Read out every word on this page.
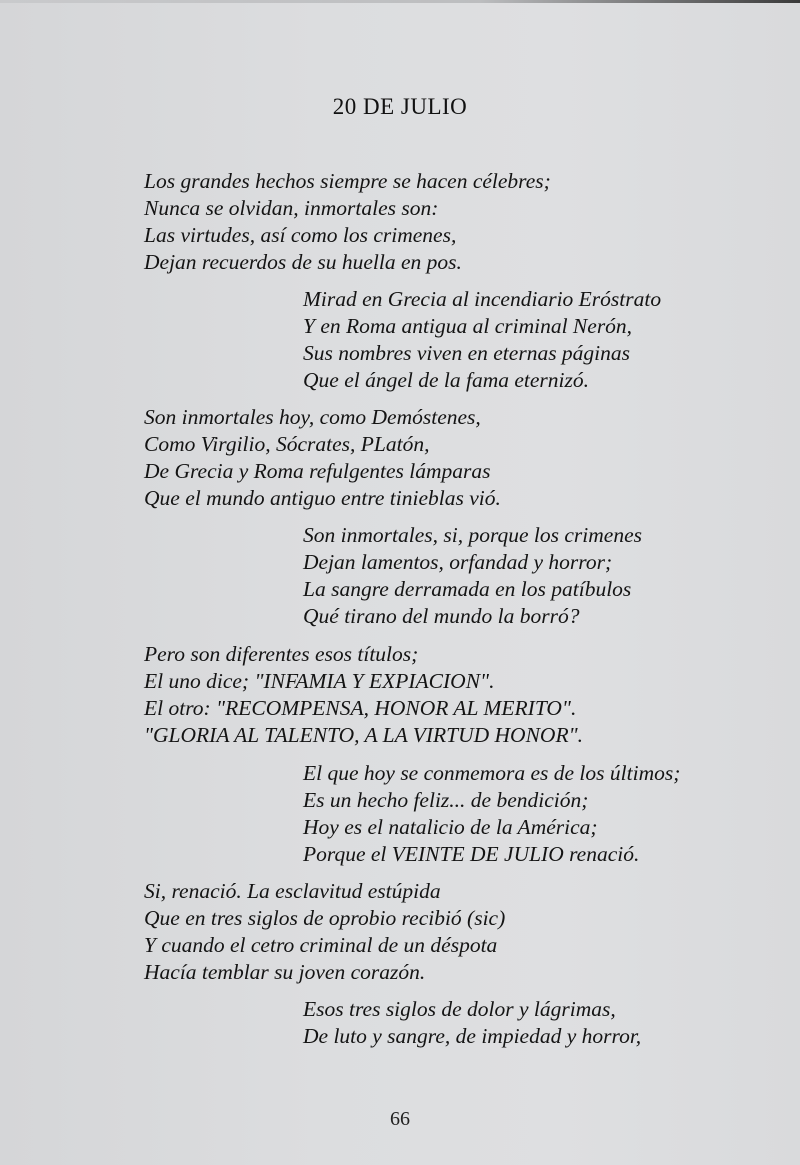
20 DE JULIO
Los grandes hechos siempre se hacen célebres;
Nunca se olvidan, inmortales son:
Las virtudes, así como los crimenes,
Dejan recuerdos de su huella en pos.
Mirad en Grecia al incendiario Eróstrato
Y en Roma antigua al criminal Nerón,
Sus nombres viven en eternas páginas
Que el ángel de la fama eternizó.
Son inmortales hoy, como Demóstenes,
Como Virgilio, Sócrates, PLatón,
De Grecia y Roma refulgentes lámparas
Que el mundo antiguo entre tinieblas vió.
Son inmortales, si, porque los crimenes
Dejan lamentos, orfandad y horror;
La sangre derramada en los patíbulos
Qué tirano del mundo la borró?
Pero son diferentes esos títulos;
El uno dice; "INFAMIA Y EXPIACION".
El otro: "RECOMPENSA, HONOR AL MERITO".
"GLORIA AL TALENTO, A LA VIRTUD HONOR".
El que hoy se conmemora es de los últimos;
Es un hecho feliz... de bendición;
Hoy es el natalicio de la América;
Porque el VEINTE DE JULIO renació.
Si, renació. La esclavitud estúpida
Que en tres siglos de oprobio recibió (sic)
Y cuando el cetro criminal de un déspota
Hacía temblar su joven corazón.
Esos tres siglos de dolor y lágrimas,
De luto y sangre, de impiedad y horror,
66
